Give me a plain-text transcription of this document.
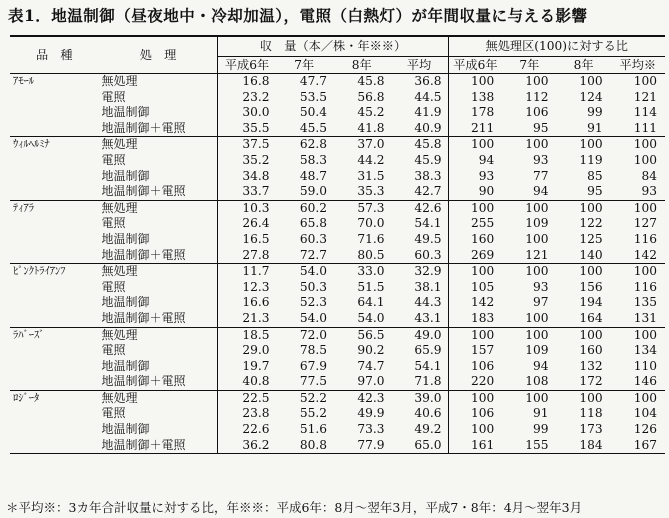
表1．地温制御（昼夜地中・冷却加温），電照（白熱灯）が年間収量に与える影響
品　種	処　理	収　量（本／株・年※※）				無処理区(100)に対する比			
		平成6年	7年	8年	平均	平成6年	7年	8年	平均※
ｱﾓｰﾙ	無処理	16.8	47.7	45.8	36.8	100	100	100	100
	電照	23.2	53.5	56.8	44.5	138	112	124	121
	地温制御	30.0	50.4	45.2	41.9	178	106	99	114
	地温制御＋電照	35.5	45.5	41.8	40.9	211	95	91	111
ｳｨﾙﾍﾙﾐﾅ	無処理	37.5	62.8	37.0	45.8	100	100	100	100
	電照	35.2	58.3	44.2	45.9	94	93	119	100
	地温制御	34.8	48.7	31.5	38.3	93	77	85	84
	地温制御＋電照	33.7	59.0	35.3	42.7	90	94	95	93
ﾃｨｱﾗ	無処理	10.3	60.2	57.3	42.6	100	100	100	100
	電照	26.4	65.8	70.0	54.1	255	109	122	127
	地温制御	16.5	60.3	71.6	49.5	160	100	125	116
	地温制御＋電照	27.8	72.7	80.5	60.3	269	121	140	142
ﾋﾟﾝｸﾄﾗｲｱﾝﾌ	無処理	11.7	54.0	33.0	32.9	100	100	100	100
	電照	12.3	50.3	51.5	38.1	105	93	156	116
	地温制御	16.6	52.3	64.1	44.3	142	97	194	135
	地温制御＋電照	21.3	54.0	54.0	43.1	183	100	164	131
ﾗﾊﾞｰｽﾞ	無処理	18.5	72.0	56.5	49.0	100	100	100	100
	電照	29.0	78.5	90.2	65.9	157	109	160	134
	地温制御	19.7	67.9	74.7	54.1	106	94	132	110
	地温制御＋電照	40.8	77.5	97.0	71.8	220	108	172	146
ﾛｼﾞｰﾀ	無処理	22.5	52.2	42.3	39.0	100	100	100	100
	電照	23.8	55.2	49.9	40.6	106	91	118	104
	地温制御	22.6	51.6	73.3	49.2	100	99	173	126
	地温制御＋電照	36.2	80.8	77.9	65.0	161	155	184	167
＊平均※：3カ年合計収量に対する比，年※※：平成6年：8月～翌年3月，平成7・8年：4月～翌年3月
